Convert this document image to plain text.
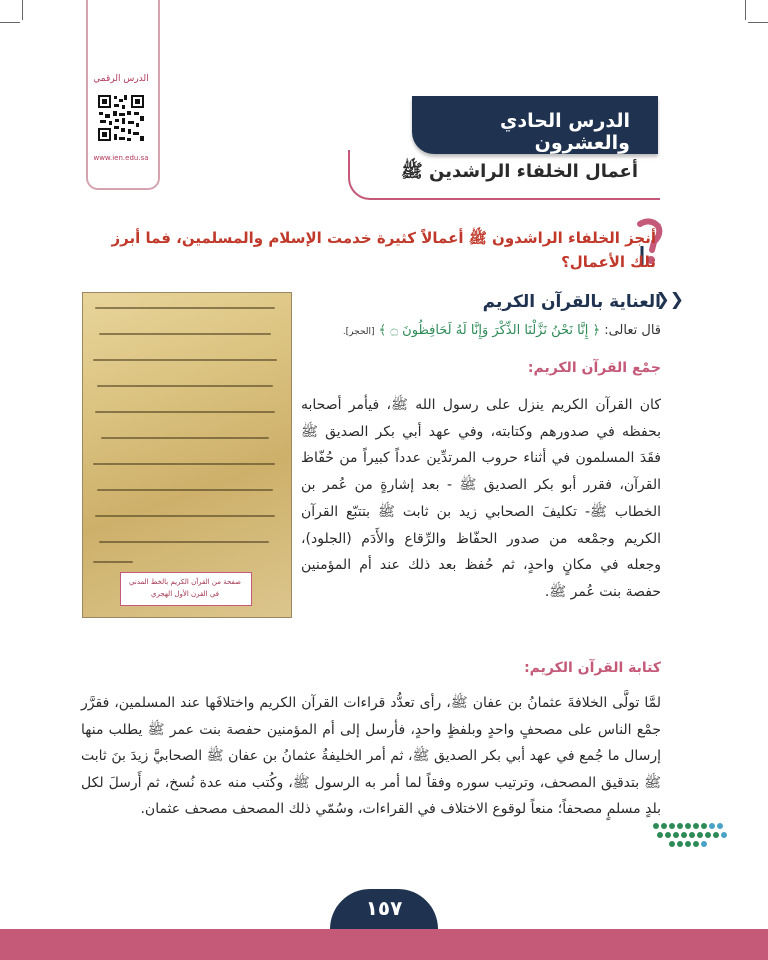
الدرس الرقمي
www.ien.edu.sa
أعمال الخلفاء الراشدين ﷺ
الدرس الحادي والعشرون
أنجز الخلفاء الراشدون ﷺ أعمالاً كثيرة خدمت الإسلام والمسلمين، فما أبرز تلك الأعمال؟
❯❯
العناية بالقرآن الكريم
قال تعالى: ﴿ إِنَّا نَحْنُ نَزَّلْنَا الذِّكْرَ وَإِنَّا لَهُ لَحَافِظُونَ ۝ ﴾ [الحجر].
صفحة من القرآن الكريم بالخط المدني
في القرن الأول الهجري
جمْع القرآن الكريم:
كان القرآن الكريم ينزل على رسول الله ﷺ، فيأمر أصحابه بحفظه في صدورهم وكتابته، وفي عهد أبي بكر الصديق ﷺ فقَدَ المسلمون في أثناء حروب المرتدِّين عدداً كبيراً من حُفّاظ القرآن، فقرر أبو بكر الصديق ﷺ - بعد إشارةٍ من عُمر بن الخطاب ﷺ- تكليفَ الصحابي زيد بن ثابت ﷺ بتتبّع القرآن الكريم وجمْعه من صدور الحفّاظ والرِّقاع والأَدَم (الجلود)، وجعله في مكانٍ واحدٍ، ثم حُفظ بعد ذلك عند أم المؤمنين حفصة بنت عُمر ﷺ.
كتابة القرآن الكريم:
لمَّا تولَّى الخلافةَ عثمانُ بن عفان ﷺ، رأى تعدُّد قراءات القرآن الكريم واختلافَها عند المسلمين، فقرَّر جمْع الناس على مصحفٍ واحدٍ وبلفظٍ واحدٍ، فأرسل إلى أم المؤمنين حفصة بنت عمر ﷺ يطلب منها إرسال ما جُمع في عهد أبي بكر الصديق ﷺ، ثم أمر الخليفةُ عثمانُ بن عفان ﷺ الصحابيَّ زيدَ بنَ ثابت ﷺ بتدقيق المصحف، وترتيب سوره وفقاً لما أمر به الرسول ﷺ، وكُتب منه عدة نُسخ، ثم أَرسلَ لكل بلدٍ مسلمٍ مصحفاً؛ منعاً لوقوع الاختلاف في القراءات، وسُمّي ذلك المصحف مصحف عثمان.
١٥٧
